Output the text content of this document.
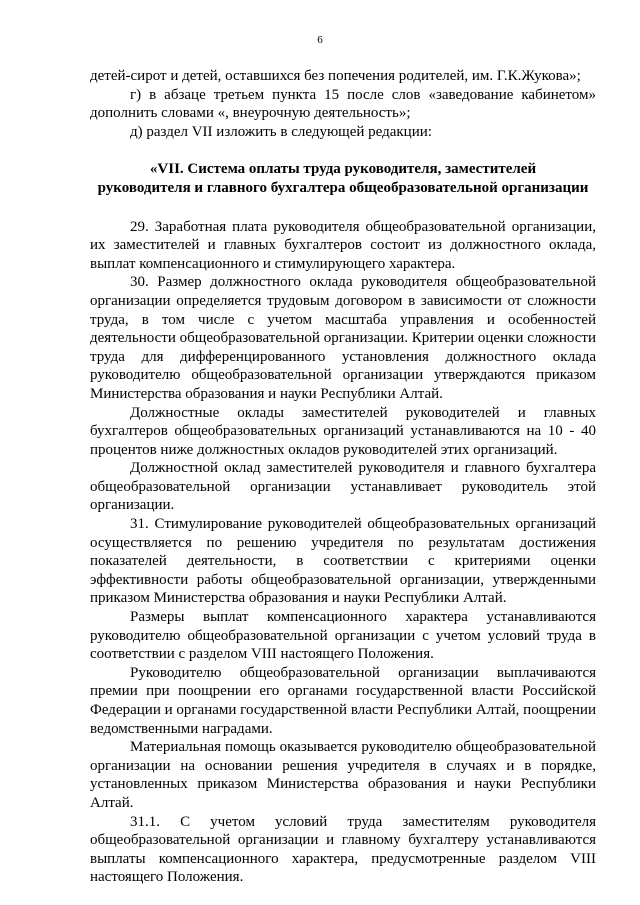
6

детей-сирот и детей, оставшихся без попечения родителей, им. Г.К.Жукова»;

г) в абзаце третьем пункта 15 после слов «заведование кабинетом» дополнить словами «, внеурочную деятельность»;

д) раздел VII изложить в следующей редакции:

«VII. Система оплаты труда руководителя, заместителей
руководителя и главного бухгалтера общеобразовательной организации

29. Заработная плата руководителя общеобразовательной организации, их заместителей и главных бухгалтеров состоит из должностного оклада, выплат компенсационного и стимулирующего характера.

30. Размер должностного оклада руководителя общеобразовательной организации определяется трудовым договором в зависимости от сложности труда, в том числе с учетом масштаба управления и особенностей деятельности общеобразовательной организации. Критерии оценки сложности труда для дифференцированного установления должностного оклада руководителю общеобразовательной организации утверждаются приказом Министерства образования и науки Республики Алтай.

Должностные оклады заместителей руководителей и главных бухгалтеров общеобразовательных организаций устанавливаются на 10 - 40 процентов ниже должностных окладов руководителей этих организаций.

Должностной оклад заместителей руководителя и главного бухгалтера общеобразовательной организации устанавливает руководитель этой организации.

31. Стимулирование руководителей общеобразовательных организаций осуществляется по решению учредителя по результатам достижения показателей деятельности, в соответствии с критериями оценки эффективности работы общеобразовательной организации, утвержденными приказом Министерства образования и науки Республики Алтай.

Размеры выплат компенсационного характера устанавливаются руководителю общеобразовательной организации с учетом условий труда в соответствии с разделом VIII настоящего Положения.

Руководителю общеобразовательной организации выплачиваются премии при поощрении его органами государственной власти Российской Федерации и органами государственной власти Республики Алтай, поощрении ведомственными наградами.

Материальная помощь оказывается руководителю общеобразовательной организации на основании решения учредителя в случаях и в порядке, установленных приказом Министерства образования и науки Республики Алтай.

31.1. С учетом условий труда заместителям руководителя общеобразовательной организации и главному бухгалтеру устанавливаются выплаты компенсационного характера, предусмотренные разделом VIII настоящего Положения.
